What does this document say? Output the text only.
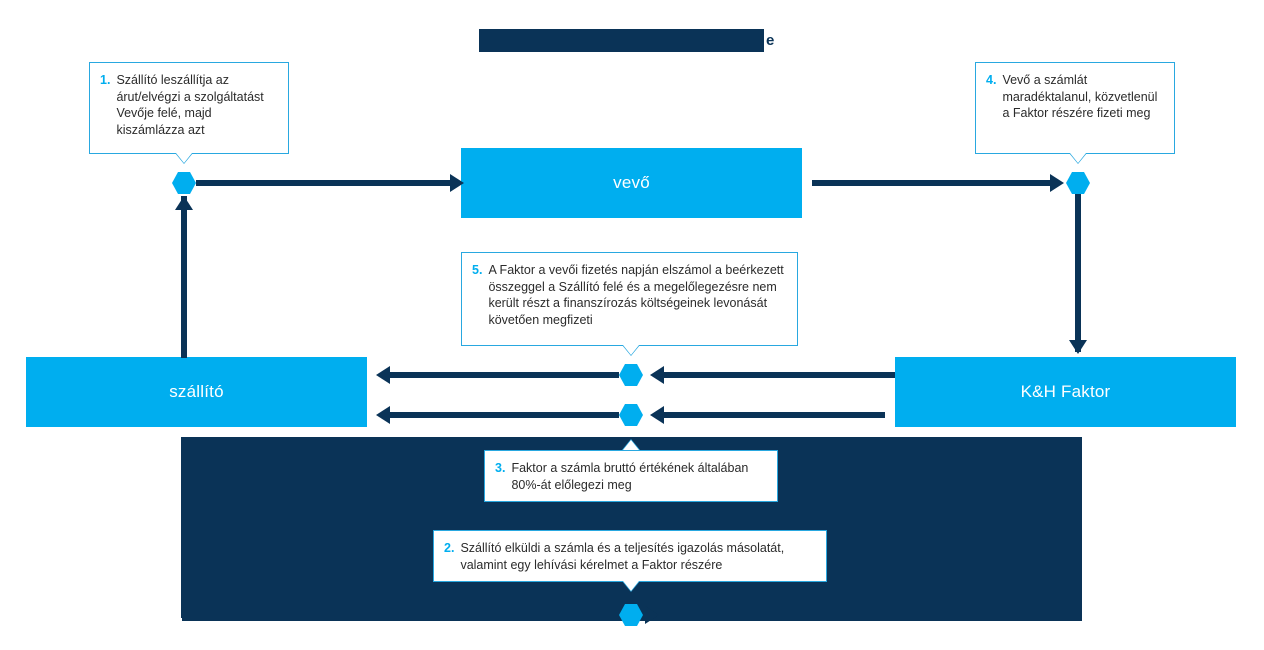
e
vevő
szállító	K&H Faktor
1. Szállító leszállítja az árut/elvégzi a szolgáltatást Vevője felé, majd kiszámlázza azt
4. Vevő a számlát maradéktalanul, közvetlenül a Faktor részére fizeti meg
5. A Faktor a vevői fizetés napján elszámol a beérkezett összeggel a Szállító felé és a megelőlegezésre nem került részt a finanszírozás költségeinek levonását követően megfizeti
3. Faktor a számla bruttó értékének általában 80%-át előlegezi meg
2. Szállító elküldi a számla és a teljesítés igazolás másolatát, valamint egy lehívási kérelmet a Faktor részére
